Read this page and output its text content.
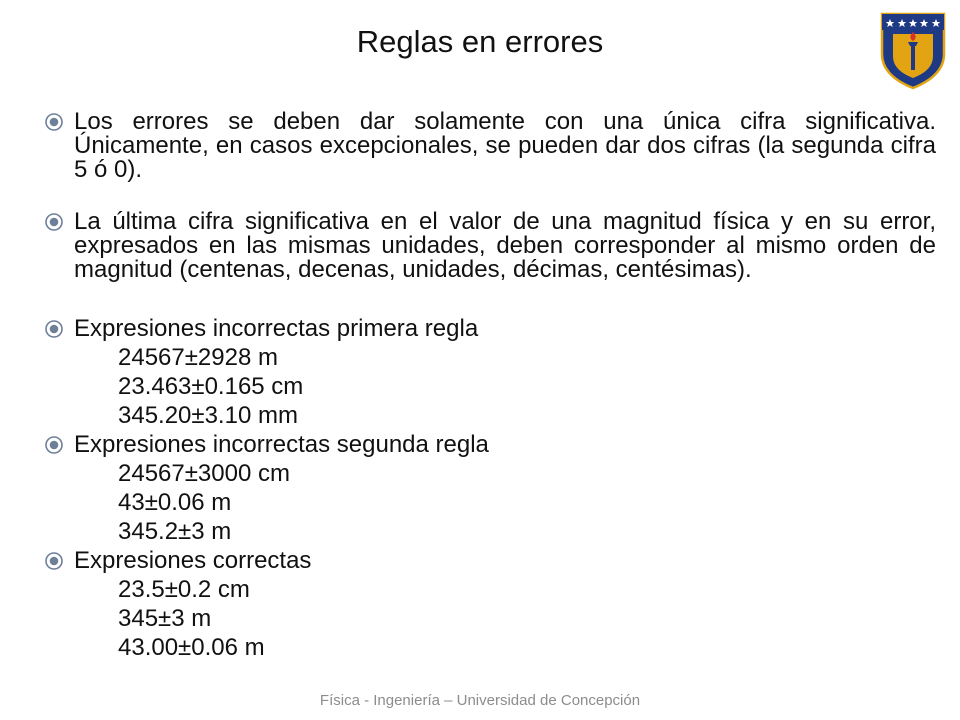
Reglas en errores
Los errores se deben dar solamente con una única cifra significativa. Únicamente, en casos excepcionales, se pueden dar dos cifras (la segunda cifra 5 ó 0).
La última cifra significativa en el valor de una magnitud física y en su error, expresados en las mismas unidades, deben corresponder al mismo orden de magnitud (centenas, decenas, unidades, décimas, centésimas).
Expresiones incorrectas primera regla
24567±2928 m
23.463±0.165 cm
345.20±3.10 mm
Expresiones incorrectas segunda regla
24567±3000 cm
43±0.06 m
345.2±3 m
Expresiones correctas
23.5±0.2 cm
345±3 m
43.00±0.06 m
Física - Ingeniería – Universidad de Concepción
